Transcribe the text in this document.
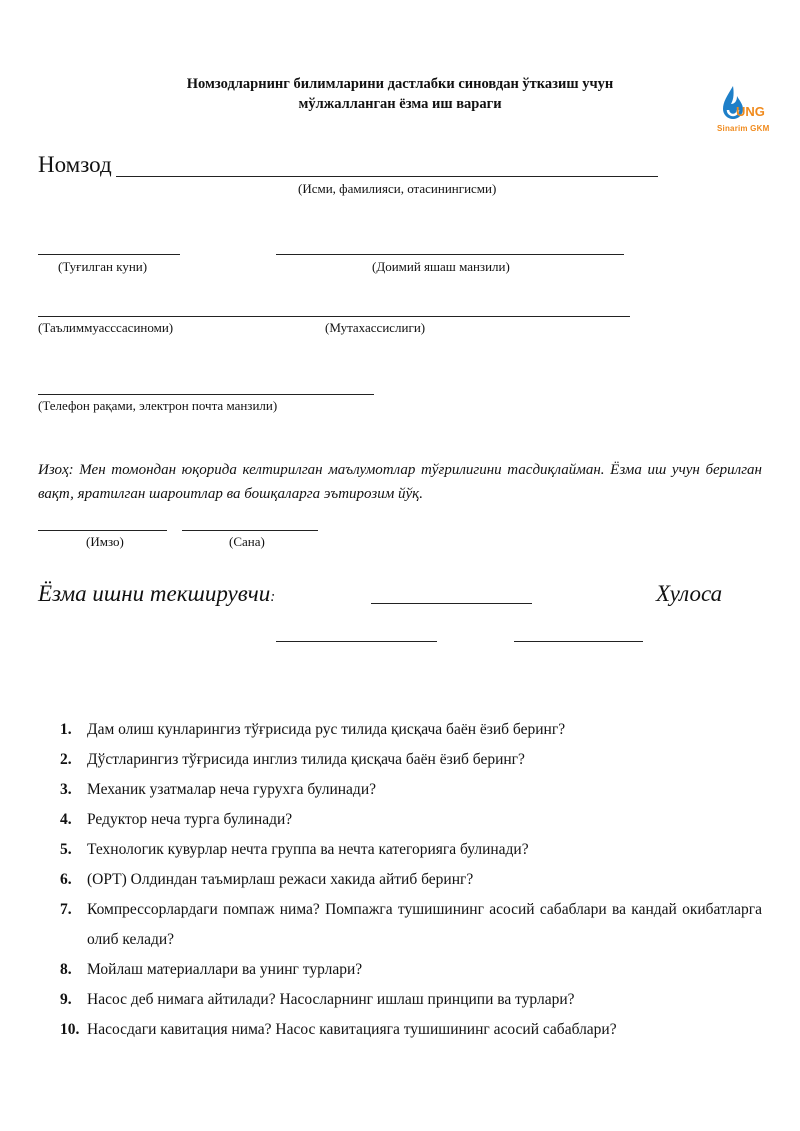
Номзодларнинг билимларини дастлабки синовдан ўтказиш учун
мўлжалланган ёзма иш вараги	UNG
Sinarim GKM
Номзод
(Исми, фамилияси, отасинингисми)
(Туғилган куни)	(Доимий яшаш манзили)
(Таълиммуасссасиноми)	(Мутахассислиги)
(Телефон рақами, электрон почта манзили)
Изоҳ: Мен томондан юқорида келтирилган маълумотлар тўғрилигини тасдиқлайман. Ёзма иш учун берилган вақт, яратилган шароитлар ва бошқаларга эътирозим йўқ.
(Имзо)	(Сана)
Ёзма ишни текширувчи:	Хулоса
1. Дам олиш кунларингиз тўғрисида рус тилида қисқача баён ёзиб беринг?
2. Дўстларингиз тўғрисида инглиз тилида қисқача баён ёзиб беринг?
3. Механик узатмалар неча гурухга булинади?
4. Редуктор неча турга булинади?
5. Технологик кувурлар нечта группа ва нечта категорияга булинади?
6. (ОРТ) Олдиндан таъмирлаш режаси хакида айтиб беринг?
7. Компрессорлардаги помпаж нима? Помпажга тушишининг асосий сабаблари ва кандай окибатларга олиб келади?
8. Мойлаш материаллари ва унинг турлари?
9. Насос деб нимага айтилади? Насосларнинг ишлаш принципи ва турлари?
10. Насосдаги кавитация нима? Насос кавитацияга тушишининг асосий сабаблари?
